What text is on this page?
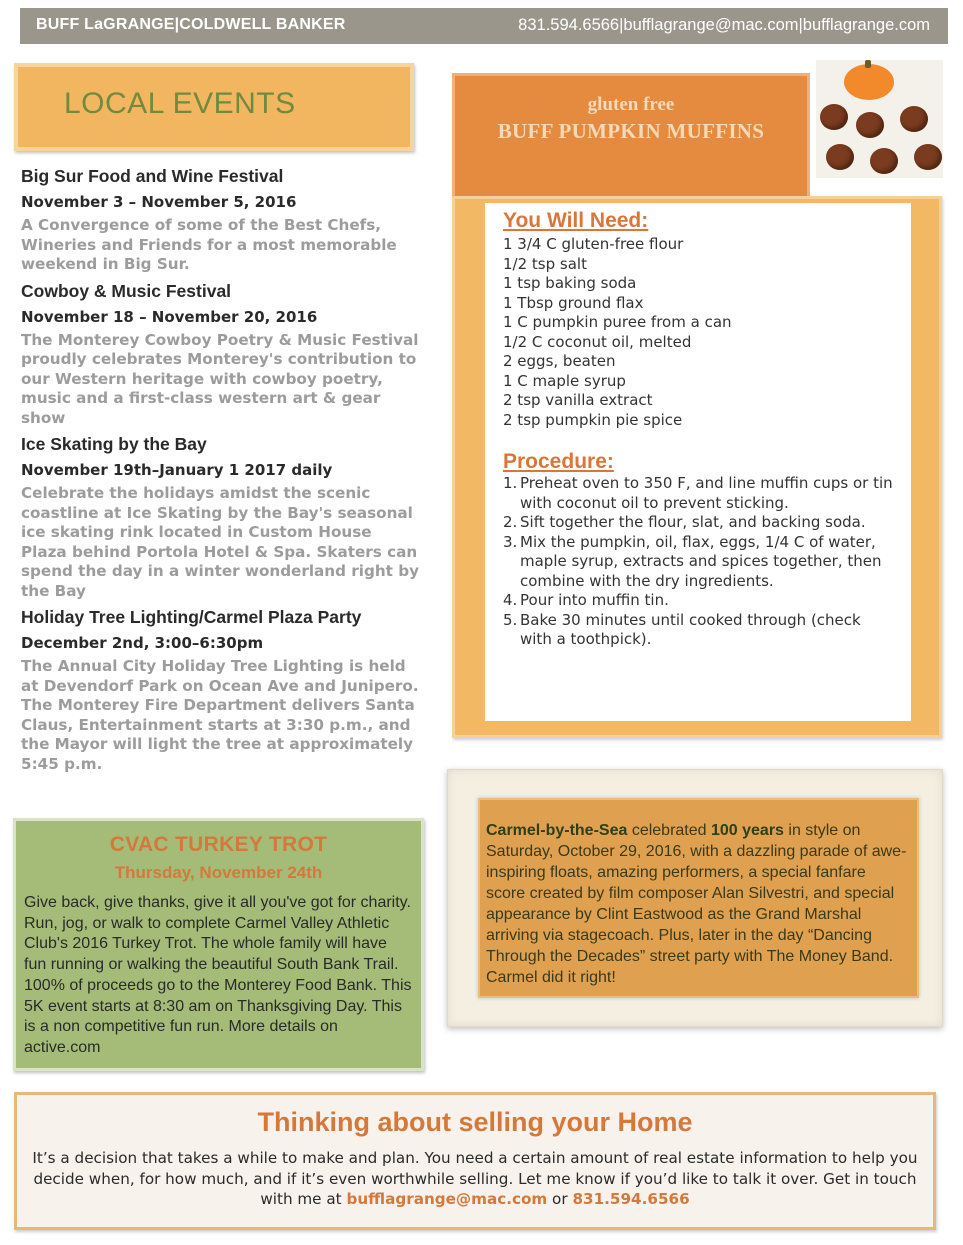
BUFF LaGRANGE|COLDWELL BANKER	831.594.6566|bufflagrange@mac.com|bufflagrange.com
LOCAL EVENTS
Big Sur Food and Wine Festival
November 3 – November 5, 2016
A Convergence of some of the Best Chefs, Wineries and Friends for a most memorable weekend in Big Sur.
Cowboy & Music Festival
November 18 – November 20, 2016
The Monterey Cowboy Poetry & Music Festival proudly celebrates Monterey's contribution to our Western heritage with cowboy poetry, music and a first-class western art & gear show
Ice Skating by the Bay
November 19th–January 1 2017 daily
Celebrate the holidays amidst the scenic coastline at Ice Skating by the Bay's seasonal ice skating rink located in Custom House Plaza behind Portola Hotel & Spa. Skaters can spend the day in a winter wonderland right by the Bay
Holiday Tree Lighting/Carmel Plaza Party
December 2nd, 3:00–6:30pm
The Annual City Holiday Tree Lighting is held at Devendorf Park on Ocean Ave and Junipero. The Monterey Fire Department delivers Santa Claus, Entertainment starts at 3:30 p.m., and the Mayor will light the tree at approximately 5:45 p.m.
CVAC TURKEY TROT
Thursday, November 24th
Give back, give thanks, give it all you've got for charity. Run, jog, or walk to complete Carmel Valley Athletic Club's 2016 Turkey Trot. The whole family will have fun running or walking the beautiful South Bank Trail. 100% of proceeds go to the Monterey Food Bank. This 5K event starts at 8:30 am on Thanksgiving Day. This is a non competitive fun run. More details on active.com
gluten free
BUFF PUMPKIN MUFFINS
You Will Need:
1 3/4 C gluten-free flour
1/2 tsp salt
1 tsp baking soda
1 Tbsp ground flax
1 C pumpkin puree from a can
1/2 C coconut oil, melted
2 eggs, beaten
1 C maple syrup
2 tsp vanilla extract
2 tsp pumpkin pie spice
Procedure:
1. Preheat oven to 350 F, and line muffin cups or tin with coconut oil to prevent sticking.
2. Sift together the flour, slat, and backing soda.
3. Mix the pumpkin, oil, flax, eggs, 1/4 C of water, maple syrup, extracts and spices together, then combine with the dry ingredients.
4. Pour into muffin tin.
5. Bake 30 minutes until cooked through (check with a toothpick).
Carmel-by-the-Sea celebrated 100 years in style on Saturday, October 29, 2016, with a dazzling parade of awe-inspiring floats, amazing performers, a special fanfare score created by film composer Alan Silvestri, and special appearance by Clint Eastwood as the Grand Marshal arriving via stagecoach. Plus, later in the day “Dancing Through the Decades” street party with The Money Band. Carmel did it right!
Thinking about selling your Home
It’s a decision that takes a while to make and plan. You need a certain amount of real estate information to help you decide when, for how much, and if it’s even worthwhile selling. Let me know if you’d like to talk it over. Get in touch with me at bufflagrange@mac.com or 831.594.6566
